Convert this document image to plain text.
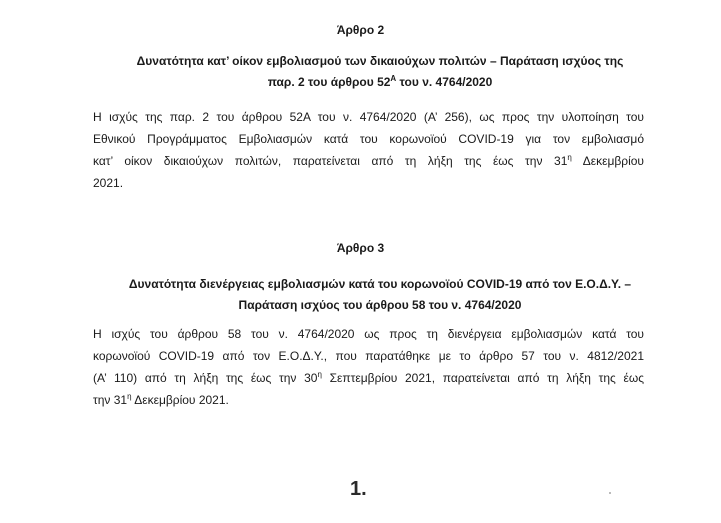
Άρθρο 2
Δυνατότητα κατ’ οίκον εμβολιασμού των δικαιούχων πολιτών – Παράταση ισχύος της
παρ. 2 του άρθρου $52^A$ του ν. 4764/2020
Η ισχύς της παρ. 2 του άρθρου 52Α του ν. 4764/2020 (Α’ 256), ως προς την υλοποίηση του
Εθνικού Προγράμματος Εμβολιασμών κατά του κορωνοϊού COVID-19 για τον εμβολιασμό
κατ’ οίκον δικαιούχων πολιτών, παρατείνεται από τη λήξη της έως την $31^\eta$ Δεκεμβρίου
2021.
Άρθρο 3
Δυνατότητα διενέργειας εμβολιασμών κατά του κορωνοϊού COVID-19 από τον Ε.Ο.Δ.Υ. –
Παράταση ισχύος του άρθρου 58 του ν. 4764/2020
Η ισχύς του άρθρου 58 του ν. 4764/2020 ως προς τη διενέργεια εμβολιασμών κατά του
κορωνοϊού COVID-19 από τον Ε.Ο.Δ.Υ., που παρατάθηκε με το άρθρο 57 του ν. 4812/2021
(Α’ 110) από τη λήξη της έως την $30^\eta$ Σεπτεμβρίου 2021, παρατείνεται από τη λήξη της έως
την $31^\eta$ Δεκεμβρίου 2021.
1.
